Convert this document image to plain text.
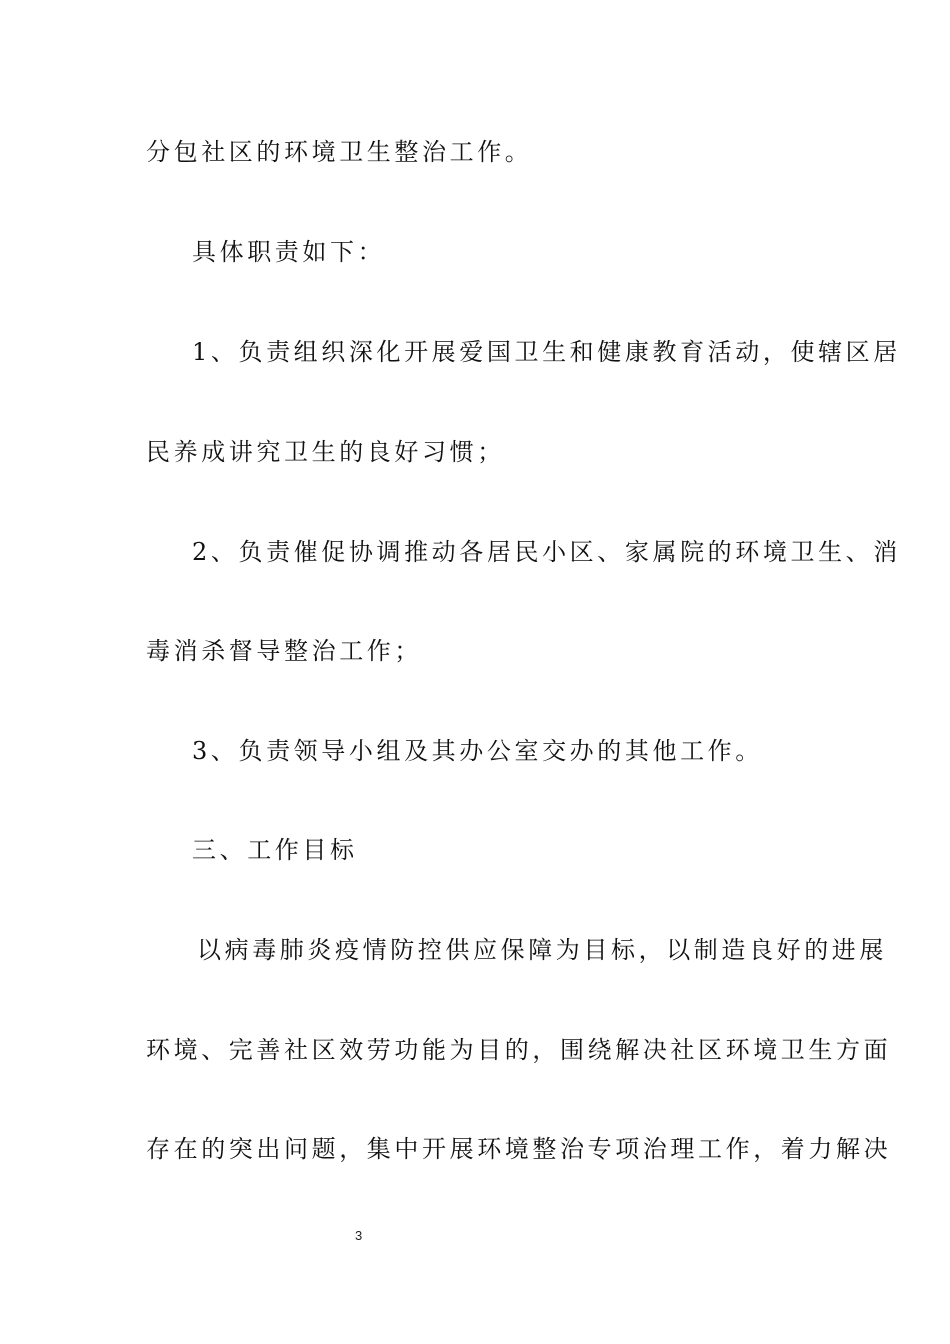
分包社区的环境卫生整治工作。
具体职责如下：
1、负责组织深化开展爱国卫生和健康教育活动，使辖区居
民养成讲究卫生的良好习惯；
2、负责催促协调推动各居民小区、家属院的环境卫生、消
毒消杀督导整治工作；
3、负责领导小组及其办公室交办的其他工作。
三、工作目标
以病毒肺炎疫情防控供应保障为目标，以制造良好的进展
环境、完善社区效劳功能为目的，围绕解决社区环境卫生方面
存在的突出问题，集中开展环境整治专项治理工作，着力解决
3
